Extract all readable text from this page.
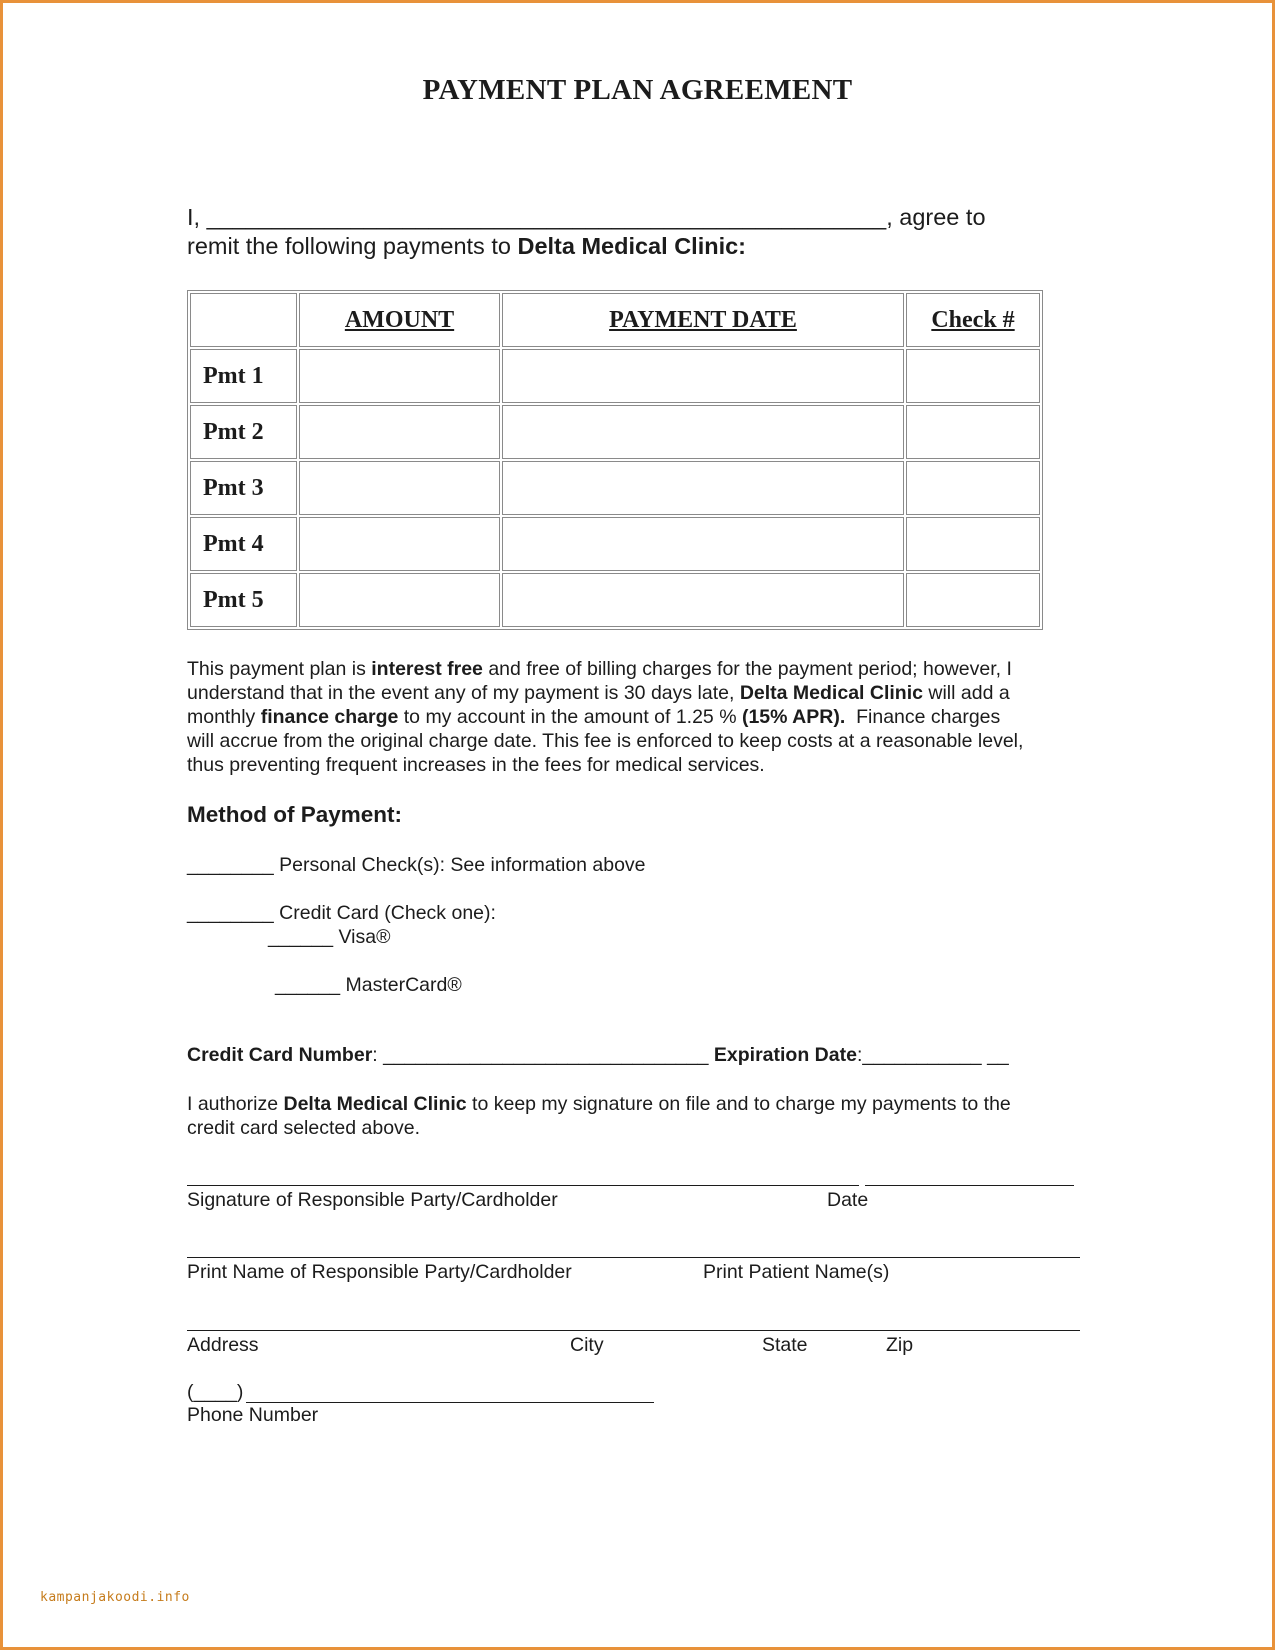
PAYMENT PLAN AGREEMENT
I, ____________________________________________________, agree to
remit the following payments to Delta Medical Clinic:
	AMOUNT	PAYMENT DATE	Check #
Pmt 1			
Pmt 2			
Pmt 3			
Pmt 4			
Pmt 5			
This payment plan is interest free and free of billing charges for the payment period; however, I
understand that in the event any of my payment is 30 days late, Delta Medical Clinic will add a
monthly finance charge to my account in the amount of 1.25 % (15% APR).  Finance charges
will accrue from the original charge date. This fee is enforced to keep costs at a reasonable level,
thus preventing frequent increases in the fees for medical services.
Method of Payment:
________ Personal Check(s): See information above
________ Credit Card (Check one):
______ Visa®
______ MasterCard®
Credit Card Number: ______________________________ Expiration Date:___________ __
I authorize Delta Medical Clinic to keep my signature on file and to charge my payments to the
credit card selected above.
Signature of Responsible Party/Cardholder	Date
Print Name of Responsible Party/Cardholder	Print Patient Name(s)
Address	City	State	Zip
(____)
Phone Number
kampanjakoodi.info
